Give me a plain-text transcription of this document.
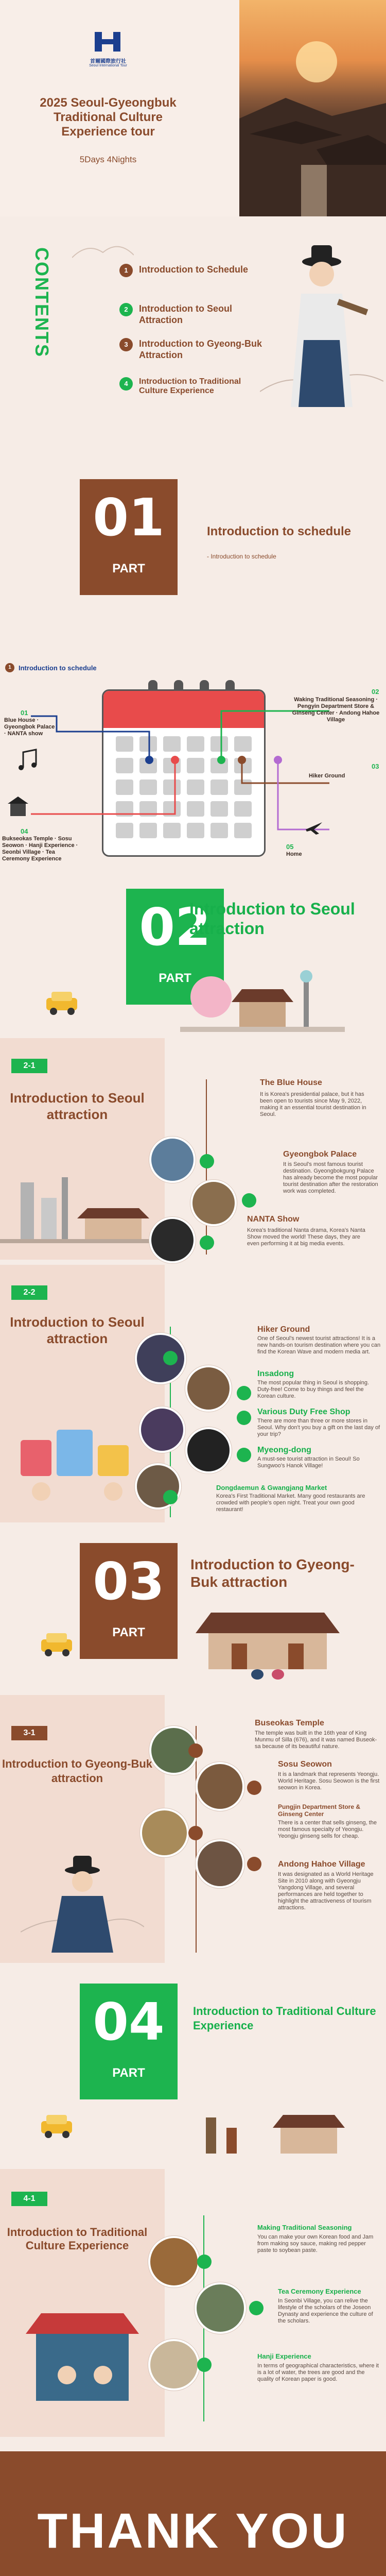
首爾國際旅行社
Seoul International Tour
2025 Seoul-Gyeongbuk Traditional Culture Experience tour
5Days 4Nights
CONTENTS	1	Introduction to Schedule
2	Introduction to Seoul Attraction
3	Introduction to Gyeong-Buk Attraction
4	Introduction to Traditional Culture Experience
01
PART
Introduction to schedule
- Introduction to schedule
1	Introduction to schedule
01
Blue House · Gyeongbok Palace · NANTA show
02
Waking Traditional Seasoning · Pengyin Department Store & Ginseng Center · Andong Hahoe Village
03
Hiker Ground
04
Bukseokas Temple · Sosu Seowon · Hanji Experience · Seonbi Village · Tea Ceremony Experience
05
Home
02
PART
Introduction to Seoul attraction
2-1
Introduction to Seoul attraction
The Blue House
It is Korea's presidential palace, but it has been open to tourists since May 9, 2022, making it an essential tourist destination in Seoul.
Gyeongbok Palace
It is Seoul's most famous tourist destination. Gyeongbokgung Palace has already become the most popular tourist destination after the restoration work was completed.
NANTA Show
Korea's traditional Nanta drama, Korea's Nanta Show moved the world! These days, they are even performing it at big media events.
2-2
Introduction to Seoul attraction
Hiker Ground
One of Seoul's newest tourist attractions! It is a new hands-on tourism destination where you can find the Korean Wave and modern media art.
Insadong
The most popular thing in Seoul is shopping. Duty-free! Come to buy things and feel the Korean culture.
Various Duty Free Shop
There are more than three or more stores in Seoul. Why don't you buy a gift on the last day of your trip?
Myeong-dong
A must-see tourist attraction in Seoul! So Sungwoo's Hanok Village!
Dongdaemun & Gwangjang Market
Korea's First Traditional Market. Many good restaurants are crowded with people's open night. Treat your own good restaurant!
03
PART
Introduction to Gyeong-Buk attraction
3-1
Introduction to Gyeong-Buk attraction
Buseokas Temple
The temple was built in the 16th year of King Munmu of Silla (676), and it was named Buseok-sa because of its beautiful nature.
Sosu Seowon
It is a landmark that represents Yeongju. World Heritage. Sosu Seowon is the first seowon in Korea.
Pungjin Department Store & Ginseng Center
There is a center that sells ginseng, the most famous specialty of Yeongju. Yeongju ginseng sells for cheap.
Andong Hahoe Village
It was designated as a World Heritage Site in 2010 along with Gyeongju Yangdong Village, and several performances are held together to highlight the attractiveness of tourism attractions.
04
PART
Introduction to Traditional Culture Experience
4-1
Introduction to Traditional Culture Experience
Making Traditional Seasoning
You can make your own Korean food and Jam from making soy sauce, making red pepper paste to soybean paste.
Tea Ceremony Experience
In Seonbi Village, you can relive the lifestyle of the scholars of the Joseon Dynasty and experience the culture of the scholars.
Hanji Experience
In terms of geographical characteristics, where it is a lot of water, the trees are good and the quality of Korean paper is good.
THANK YOU
